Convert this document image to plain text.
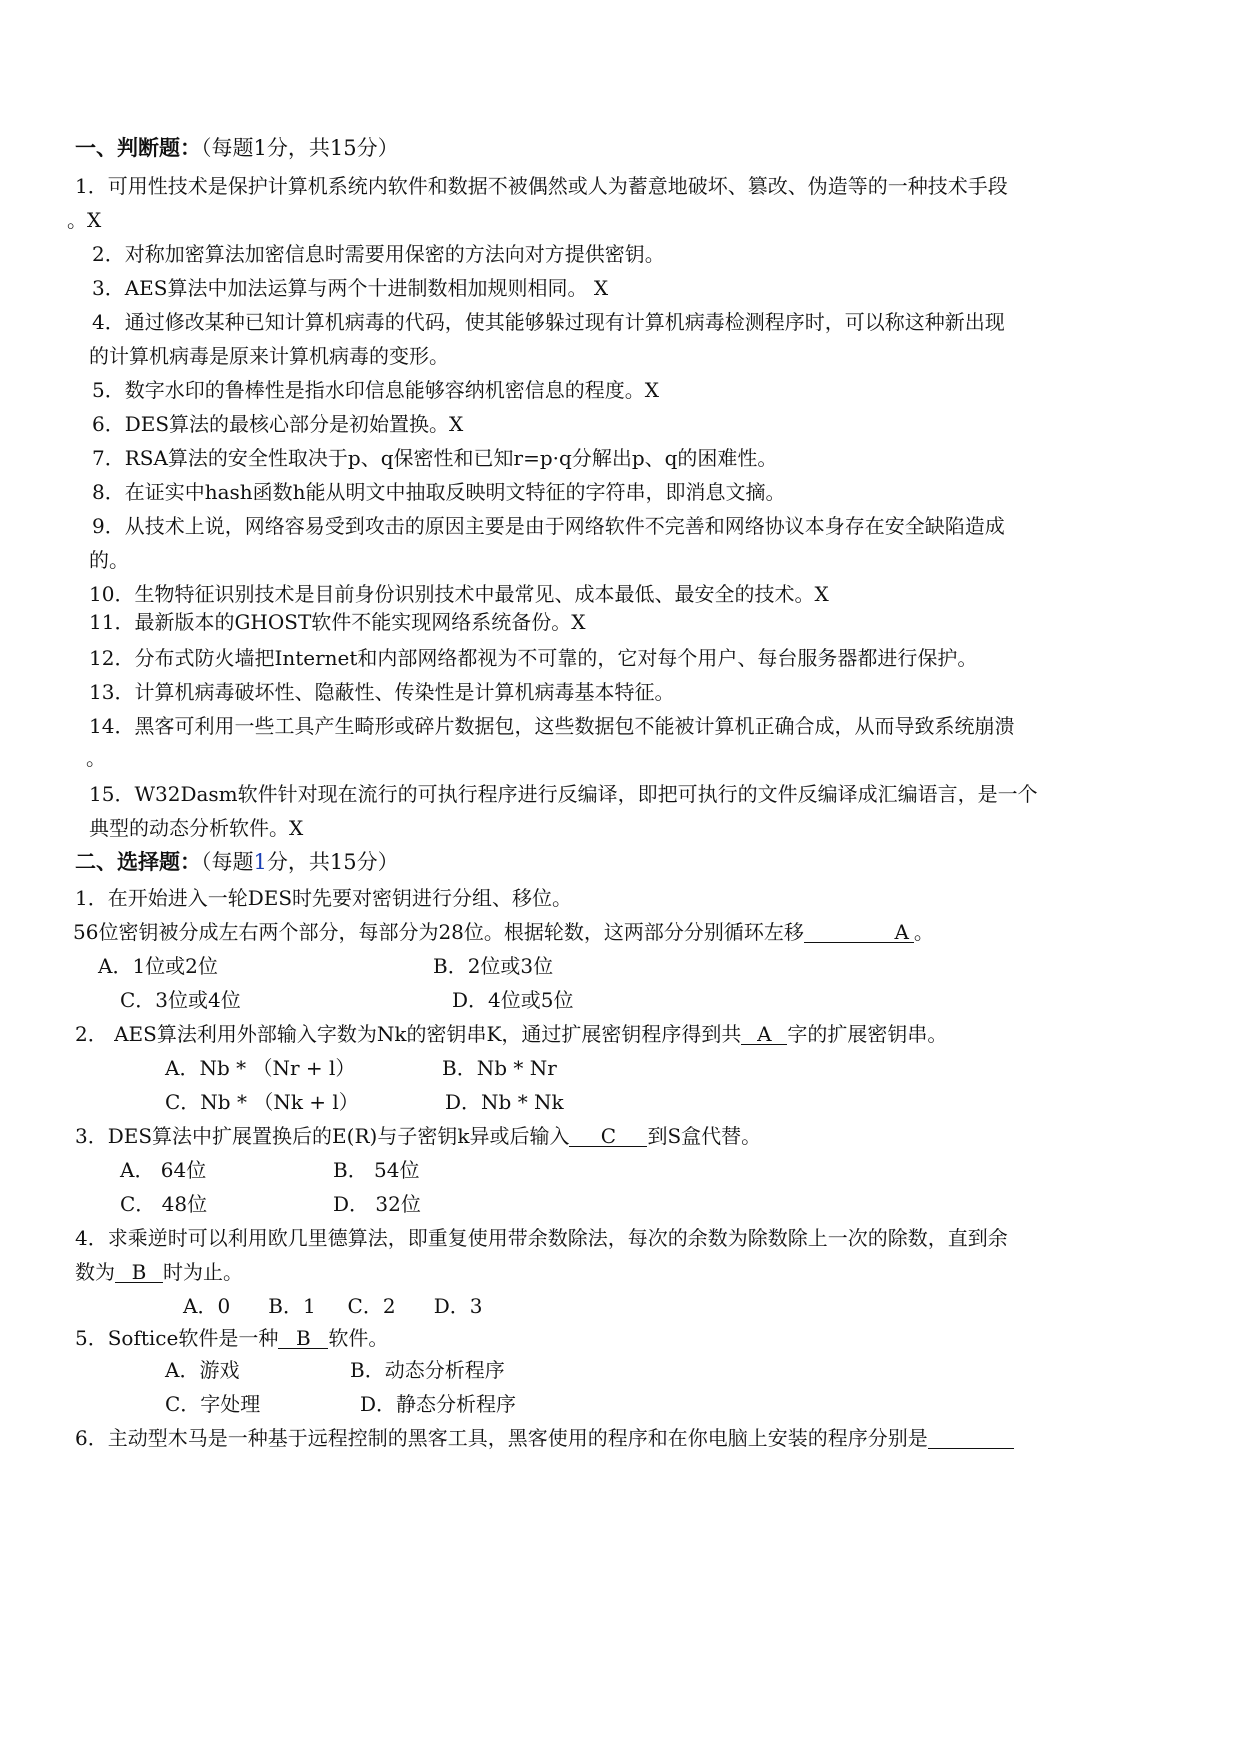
一、判断题：（每题1分，共15分）
1．可用性技术是保护计算机系统内软件和数据不被偶然或人为蓄意地破坏、篡改、伪造等的一种技术手段
。X
2．对称加密算法加密信息时需要用保密的方法向对方提供密钥。
3．AES算法中加法运算与两个十进制数相加规则相同。 X
4．通过修改某种已知计算机病毒的代码，使其能够躲过现有计算机病毒检测程序时，可以称这种新出现
的计算机病毒是原来计算机病毒的变形。
5．数字水印的鲁棒性是指水印信息能够容纳机密信息的程度。X
6．DES算法的最核心部分是初始置换。X
7．RSA算法的安全性取决于p、q保密性和已知r=p·q分解出p、q的困难性。
8．在证实中hash函数h能从明文中抽取反映明文特征的字符串，即消息文摘。
9．从技术上说，网络容易受到攻击的原因主要是由于网络软件不完善和网络协议本身存在安全缺陷造成
的。
10．生物特征识别技术是目前身份识别技术中最常见、成本最低、最安全的技术。X
11．最新版本的GHOST软件不能实现网络系统备份。X
12．分布式防火墙把Internet和内部网络都视为不可靠的，它对每个用户、每台服务器都进行保护。
13．计算机病毒破坏性、隐蔽性、传染性是计算机病毒基本特征。
14．黑客可利用一些工具产生畸形或碎片数据包，这些数据包不能被计算机正确合成，从而导致系统崩溃
。
15．W32Dasm软件针对现在流行的可执行程序进行反编译，即把可执行的文件反编译成汇编语言，是一个
典型的动态分析软件。X
二、选择题：（每题1分，共15分）
1．在开始进入一轮DES时先要对密钥进行分组、移位。
56位密钥被分成左右两个部分，每部分为28位。根据轮数，这两部分分别循环左移	A 。
A．1位或2位	B．2位或3位
C．3位或4位	D．4位或5位
2． AES算法利用外部输入字数为Nk的密钥串K，通过扩展密钥程序得到共 A 字的扩展密钥串。
A．Nb * （Nr + l）	B．Nb * Nr
C．Nb * （Nk + l）	D．Nb * Nk
3．DES算法中扩展置换后的E(R)与子密钥k异或后输入 C 到S盒代替。
A． 64位	B． 54位
C． 48位	D． 32位
4．求乘逆时可以利用欧几里德算法，即重复使用带余数除法，每次的余数为除数除上一次的除数，直到余
数为 B 时为止。
A．0      B．1     C．2      D．3
5．Softice软件是一种 B 软件。
A．游戏	B．动态分析程序
C．字处理	D．静态分析程序
6．主动型木马是一种基于远程控制的黑客工具，黑客使用的程序和在你电脑上安装的程序分别是
